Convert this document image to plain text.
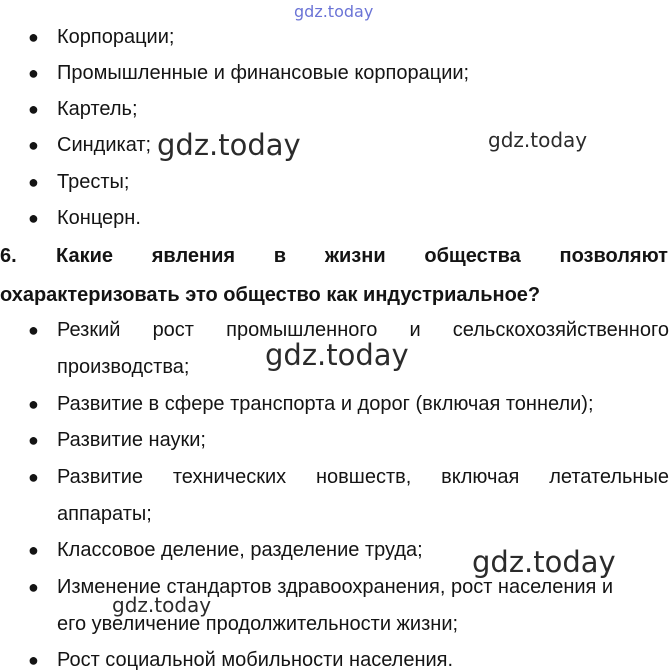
gdz.today
gdz.today	gdz.today
gdz.today
gdz.today
gdz.today
● Корпорации;
● Промышленные и финансовые корпорации;
● Картель;
● Синдикат;
● Тресты;
● Концерн.
6. Какие явления в жизни общества позволяют
охарактеризовать это общество как индустриальное?
● Резкий рост промышленного и сельскохозяйственного
производства;
● Развитие в сфере транспорта и дорог (включая тоннели);
● Развитие науки;
● Развитие технических новшеств, включая летательные
аппараты;
● Классовое деление, разделение труда;
● Изменение стандартов здравоохранения, рост населения и
его увеличение продолжительности жизни;
● Рост социальной мобильности населения.
